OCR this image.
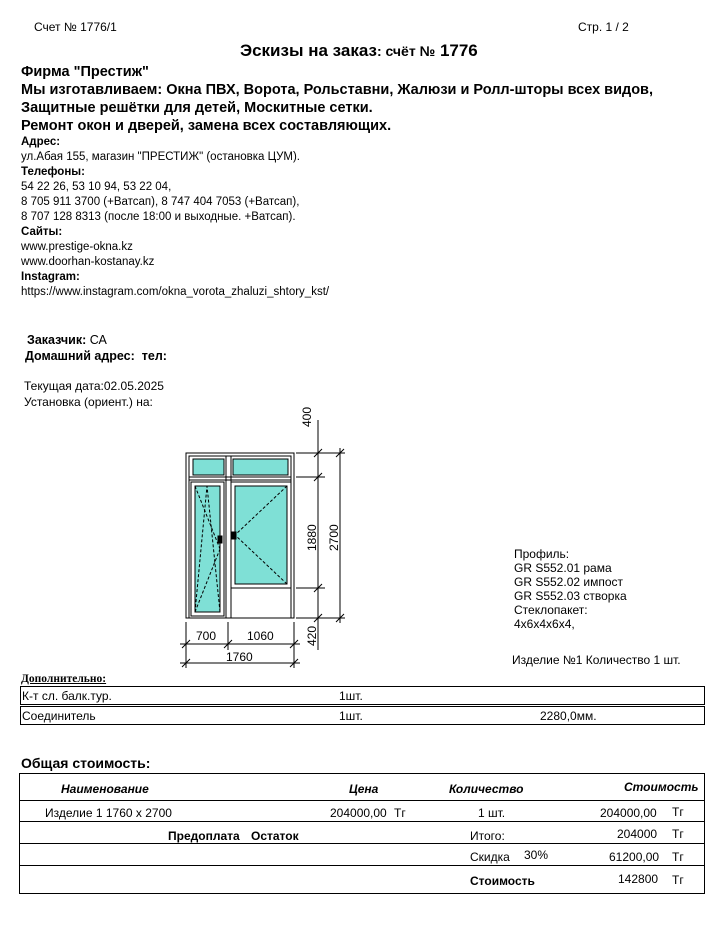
Счет № 1776/1	Стр. 1 / 2
Эскизы на заказ: счёт № 1776
Фирма "Престиж"
Мы изготавливаем: Окна ПВХ, Ворота, Рольставни, Жалюзи и Ролл-шторы всех видов,
Защитные решётки для детей, Москитные сетки.
Ремонт окон и дверей, замена всех составляющих.
Адрес:
ул.Абая 155, магазин "ПРЕСТИЖ" (остановка ЦУМ).
Телефоны:
54 22 26, 53 10 94, 53 22 04,
8 705 911 3700 (+Ватсап), 8 747 404 7053 (+Ватсап),
8 707 128 8313 (после 18:00 и выходные. +Ватсап).
Сайты:
www.prestige-okna.kz
www.doorhan-kostanay.kz
Instagram:
https://www.instagram.com/okna_vorota_zhaluzi_shtory_kst/
Заказчик: СА
Домашний адрес: тел:
Текущая дата:02.05.2025
Установка (ориент.) на:
400
1880 2700
420
700	1060
1760
Профиль:
GR S552.01 рама
GR S552.02 импост
GR S552.03 створка
Стеклопакет:
4х6х4х6х4,
Изделие №1 Количество 1 шт.
Дополнительно:
К-т сл. балк.тур.	1шт.
Соединитель	1шт.	2280,0мм.
Общая стоимость:
Наименование	Цена	Количество	Стоимость
Изделие 1 1760 х 2700	204000,00 Тг	1 шт.	204000,00 Тг
Предоплата Остаток	Итого:	204000 Тг
Скидка 30%	61200,00 Тг
Стоимость	142800 Тг
